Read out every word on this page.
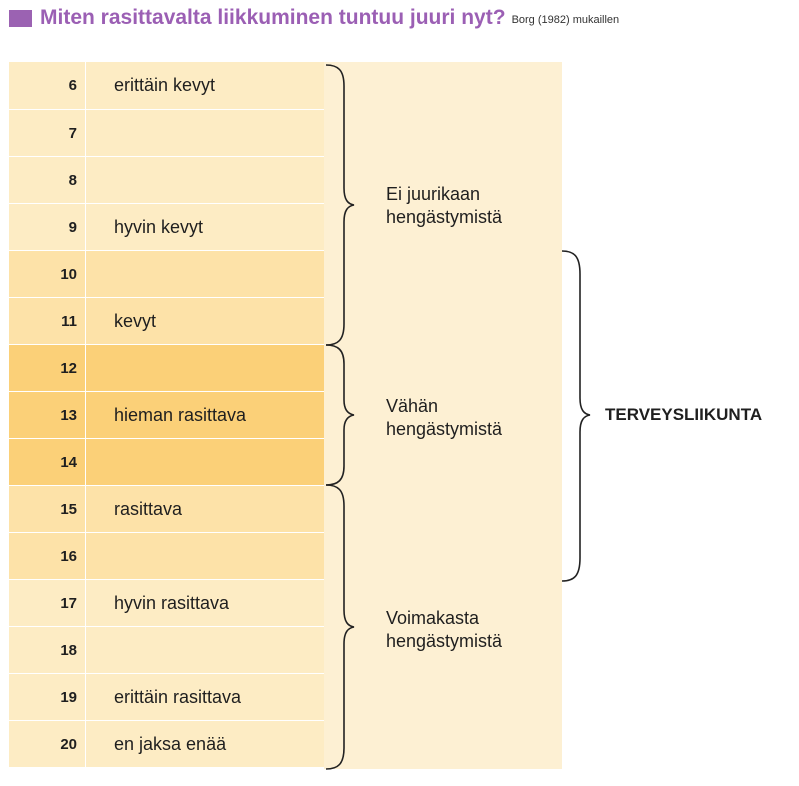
Miten rasittavalta liikkuminen tuntuu juuri nyt? Borg (1982) mukaillen
6	erittäin kevyt
7
8
9	hyvin kevyt
10
11	kevyt
12
13	hieman rasittava
14
15	rasittava
16
17	hyvin rasittava
18
19	erittäin rasittava
20	en jaksa enää
Ei juurikaan
hengästymistä
Vähän
hengästymistä
Voimakasta
hengästymistä
TERVEYSLIIKUNTA
